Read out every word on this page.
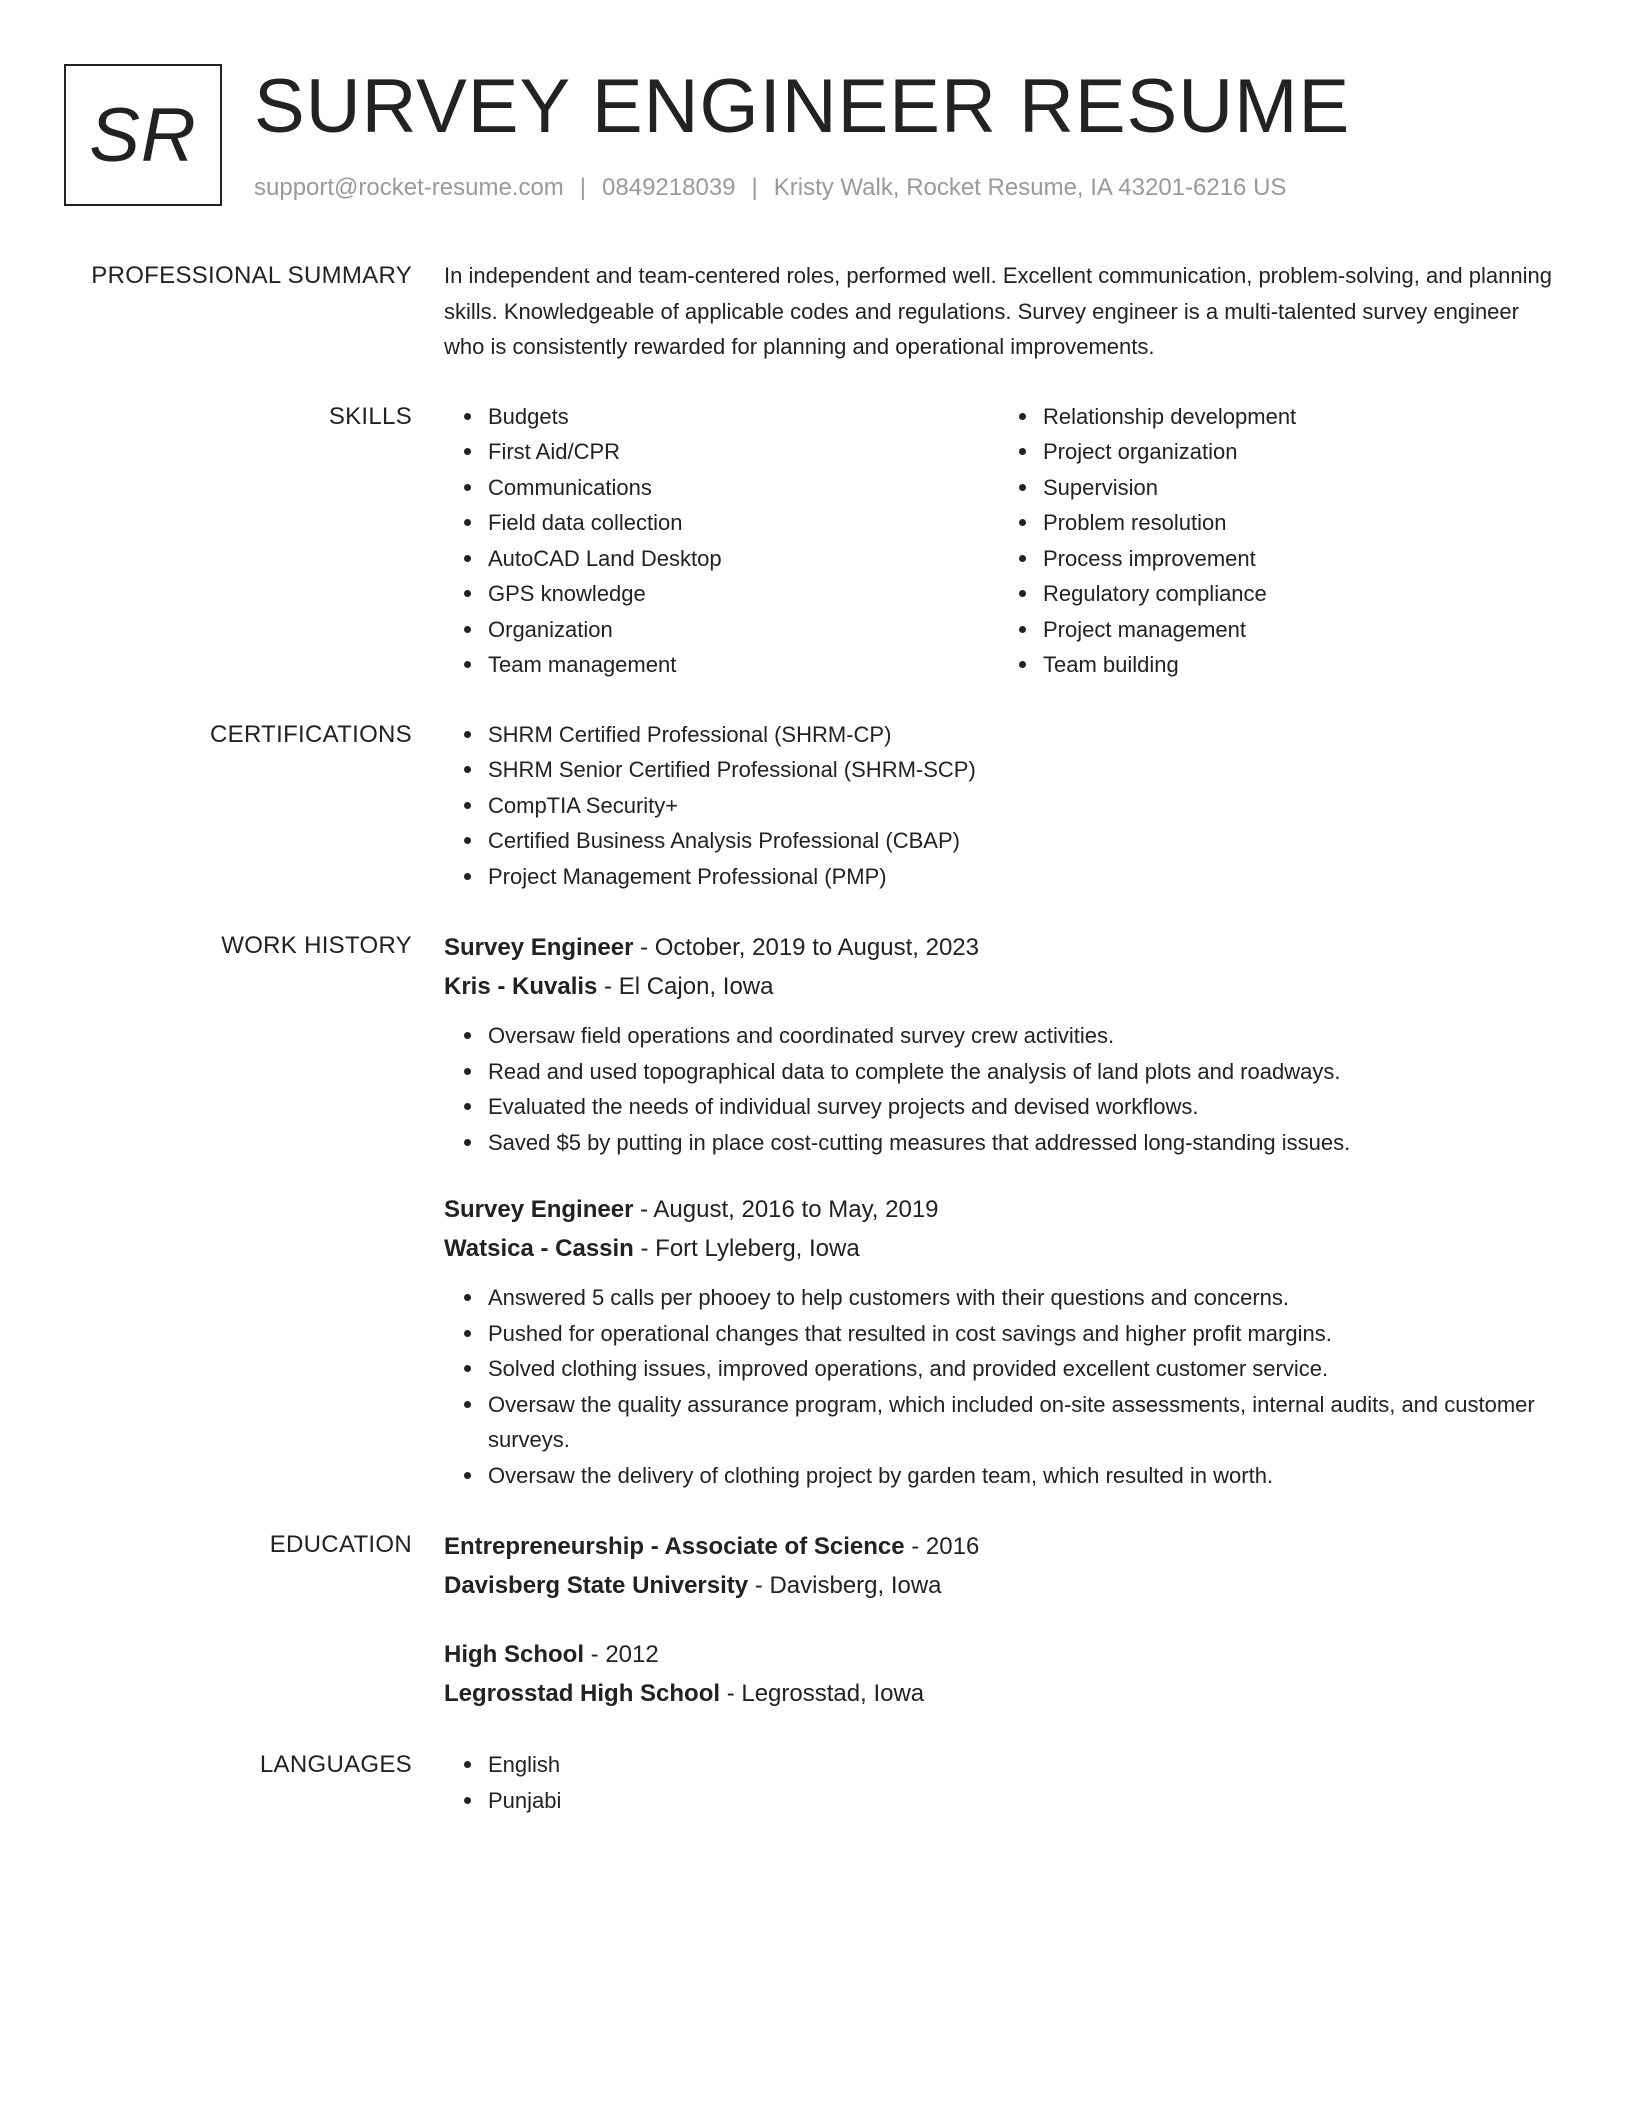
SR SURVEY ENGINEER RESUME
support@rocket-resume.com | 0849218039 | Kristy Walk, Rocket Resume, IA 43201-6216 US
PROFESSIONAL SUMMARY In independent and team-centered roles, performed well. Excellent communication, problem-solving, and planning skills. Knowledgeable of applicable codes and regulations. Survey engineer is a multi-talented survey engineer who is consistently rewarded for planning and operational improvements.

SKILLS	Budgets
First Aid/CPR
Communications
Field data collection
AutoCAD Land Desktop
GPS knowledge
Organization
Team management
Relationship development
Project organization
Supervision
Problem resolution
Process improvement
Regulatory compliance
Project management
Team building
CERTIFICATIONS	SHRM Certified Professional (SHRM-CP)
SHRM Senior Certified Professional (SHRM-SCP)
CompTIA Security+
Certified Business Analysis Professional (CBAP)
Project Management Professional (PMP)
WORK HISTORY Survey Engineer - October, 2019 to August, 2023
Kris - Kuvalis - El Cajon, Iowa
Oversaw field operations and coordinated survey crew activities.
Read and used topographical data to complete the analysis of land plots and roadways.
Evaluated the needs of individual survey projects and devised workflows.
Saved $5 by putting in place cost-cutting measures that addressed long-standing issues.
Survey Engineer - August, 2016 to May, 2019
Watsica - Cassin - Fort Lyleberg, Iowa
Answered 5 calls per phooey to help customers with their questions and concerns.
Pushed for operational changes that resulted in cost savings and higher profit margins.
Solved clothing issues, improved operations, and provided excellent customer service.
Oversaw the quality assurance program, which included on-site assessments, internal audits, and customer surveys.
Oversaw the delivery of clothing project by garden team, which resulted in worth.
EDUCATION Entrepreneurship - Associate of Science - 2016
Davisberg State University - Davisberg, Iowa
High School - 2012
Legrosstad High School - Legrosstad, Iowa
LANGUAGES	English
Punjabi
